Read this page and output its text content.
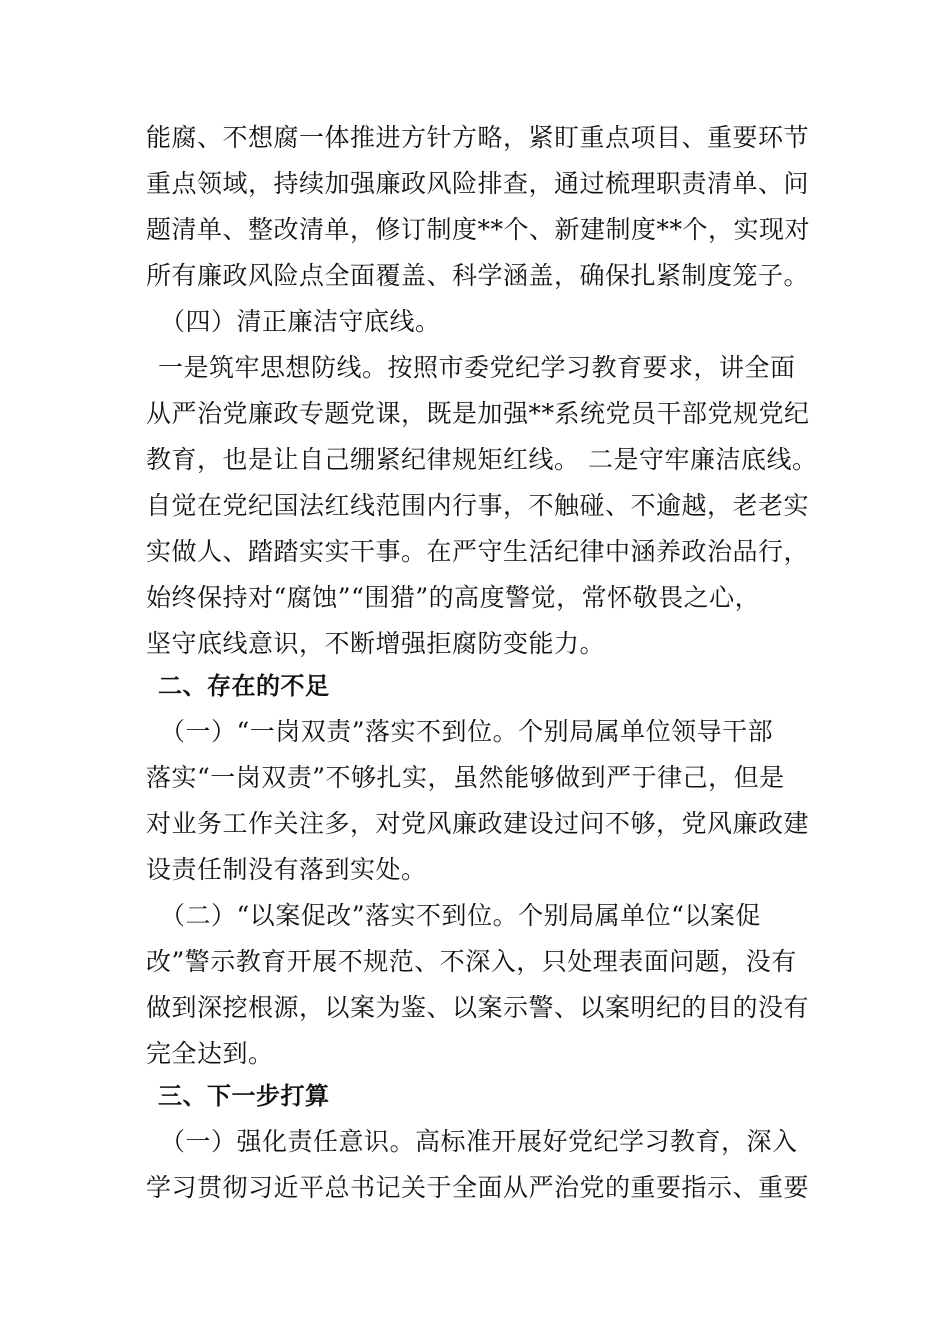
能腐、不想腐一体推进方针方略，紧盯重点项目、重要环节
重点领域，持续加强廉政风险排查，通过梳理职责清单、问
题清单、整改清单，修订制度**个、新建制度**个，实现对
所有廉政风险点全面覆盖、科学涵盖，确保扎紧制度笼子。
（四）清正廉洁守底线。
一是筑牢思想防线。按照市委党纪学习教育要求，讲全面
从严治党廉政专题党课，既是加强**系统党员干部党规党纪
教育，也是让自己绷紧纪律规矩红线。 二是守牢廉洁底线。
自觉在党纪国法红线范围内行事，不触碰、不逾越，老老实
实做人、踏踏实实干事。在严守生活纪律中涵养政治品行，
始终保持对“腐蚀”“围猎”的高度警觉，常怀敬畏之心，
坚守底线意识，不断增强拒腐防变能力。
二、存在的不足
（一）“一岗双责”落实不到位。个别局属单位领导干部
落实“一岗双责”不够扎实，虽然能够做到严于律己，但是
对业务工作关注多，对党风廉政建设过问不够，党风廉政建
设责任制没有落到实处。
（二）“以案促改”落实不到位。个别局属单位“以案促
改”警示教育开展不规范、不深入，只处理表面问题，没有
做到深挖根源，以案为鉴、以案示警、以案明纪的目的没有
完全达到。
三、下一步打算
（一）强化责任意识。高标准开展好党纪学习教育，深入
学习贯彻习近平总书记关于全面从严治党的重要指示、重要
